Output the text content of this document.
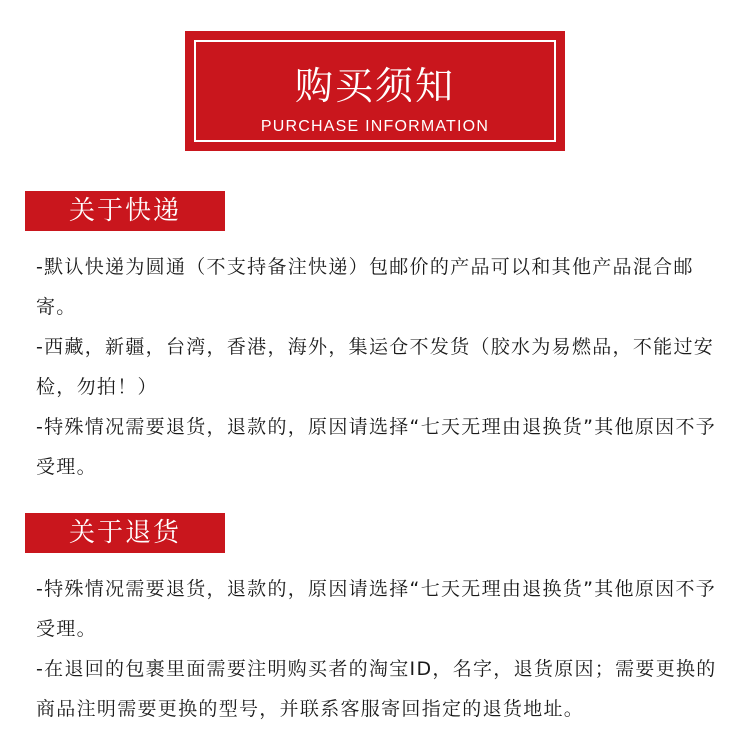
购买须知
PURCHASE INFORMATION
关于快递

-默认快递为圆通（不支持备注快递）包邮价的产品可以和其他产品混合邮寄。

-西藏，新疆，台湾，香港，海外，集运仓不发货（胶水为易燃品，不能过安检，勿拍！）

-特殊情况需要退货，退款的，原因请选择“七天无理由退换货”其他原因不予受理。

关于退货

-特殊情况需要退货，退款的，原因请选择“七天无理由退换货”其他原因不予受理。

-在退回的包裹里面需要注明购买者的淘宝ID，名字，退货原因；需要更换的商品注明需要更换的型号，并联系客服寄回指定的退货地址。
